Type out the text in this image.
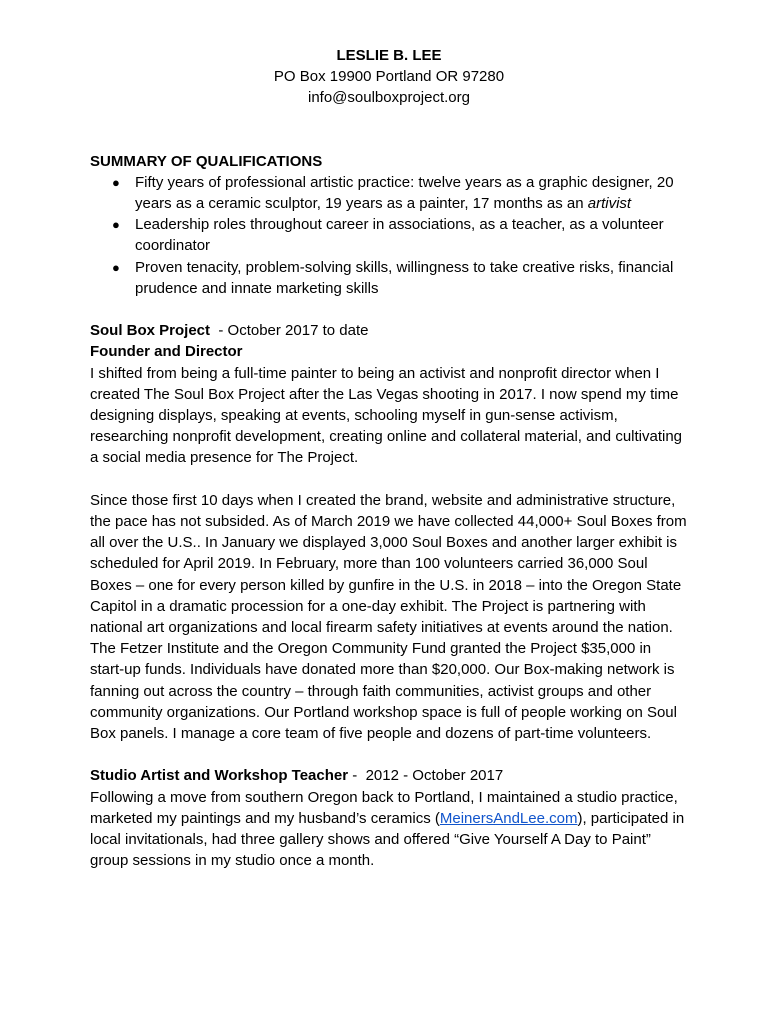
LESLIE B. LEE
PO Box 19900 Portland OR 97280
info@soulboxproject.org
SUMMARY OF QUALIFICATIONS
● Fifty years of professional artistic practice: twelve years as a graphic designer, 20 years as a ceramic sculptor, 19 years as a painter, 17 months as an artivist
● Leadership roles throughout career in associations, as a teacher, as a volunteer coordinator
● Proven tenacity, problem-solving skills, willingness to take creative risks, financial prudence and innate marketing skills
Soul Box Project  - October 2017 to date
Founder and Director

I shifted from being a full-time painter to being an activist and nonprofit director when I created The Soul Box Project after the Las Vegas shooting in 2017. I now spend my time designing displays, speaking at events, schooling myself in gun-sense activism, researching nonprofit development, creating online and collateral material, and cultivating a social media presence for The Project.

Since those first 10 days when I created the brand, website and administrative structure, the pace has not subsided. As of March 2019 we have collected 44,000+ Soul Boxes from all over the U.S.. In January we displayed 3,000 Soul Boxes and another larger exhibit is scheduled for April 2019. In February, more than 100 volunteers carried 36,000 Soul Boxes – one for every person killed by gunfire in the U.S. in 2018 – into the Oregon State Capitol in a dramatic procession for a one-day exhibit. The Project is partnering with national art organizations and local firearm safety initiatives at events around the nation. The Fetzer Institute and the Oregon Community Fund granted the Project $35,000 in start-up funds. Individuals have donated more than $20,000. Our Box-making network is fanning out across the country – through faith communities, activist groups and other community organizations. Our Portland workshop space is full of people working on Soul Box panels. I manage a core team of five people and dozens of part-time volunteers.

Studio Artist and Workshop Teacher -  2012 - October 2017

Following a move from southern Oregon back to Portland, I maintained a studio practice, marketed my paintings and my husband’s ceramics (MeinersAndLee.com), participated in local invitationals, had three gallery shows and offered “Give Yourself A Day to Paint” group sessions in my studio once a month.
